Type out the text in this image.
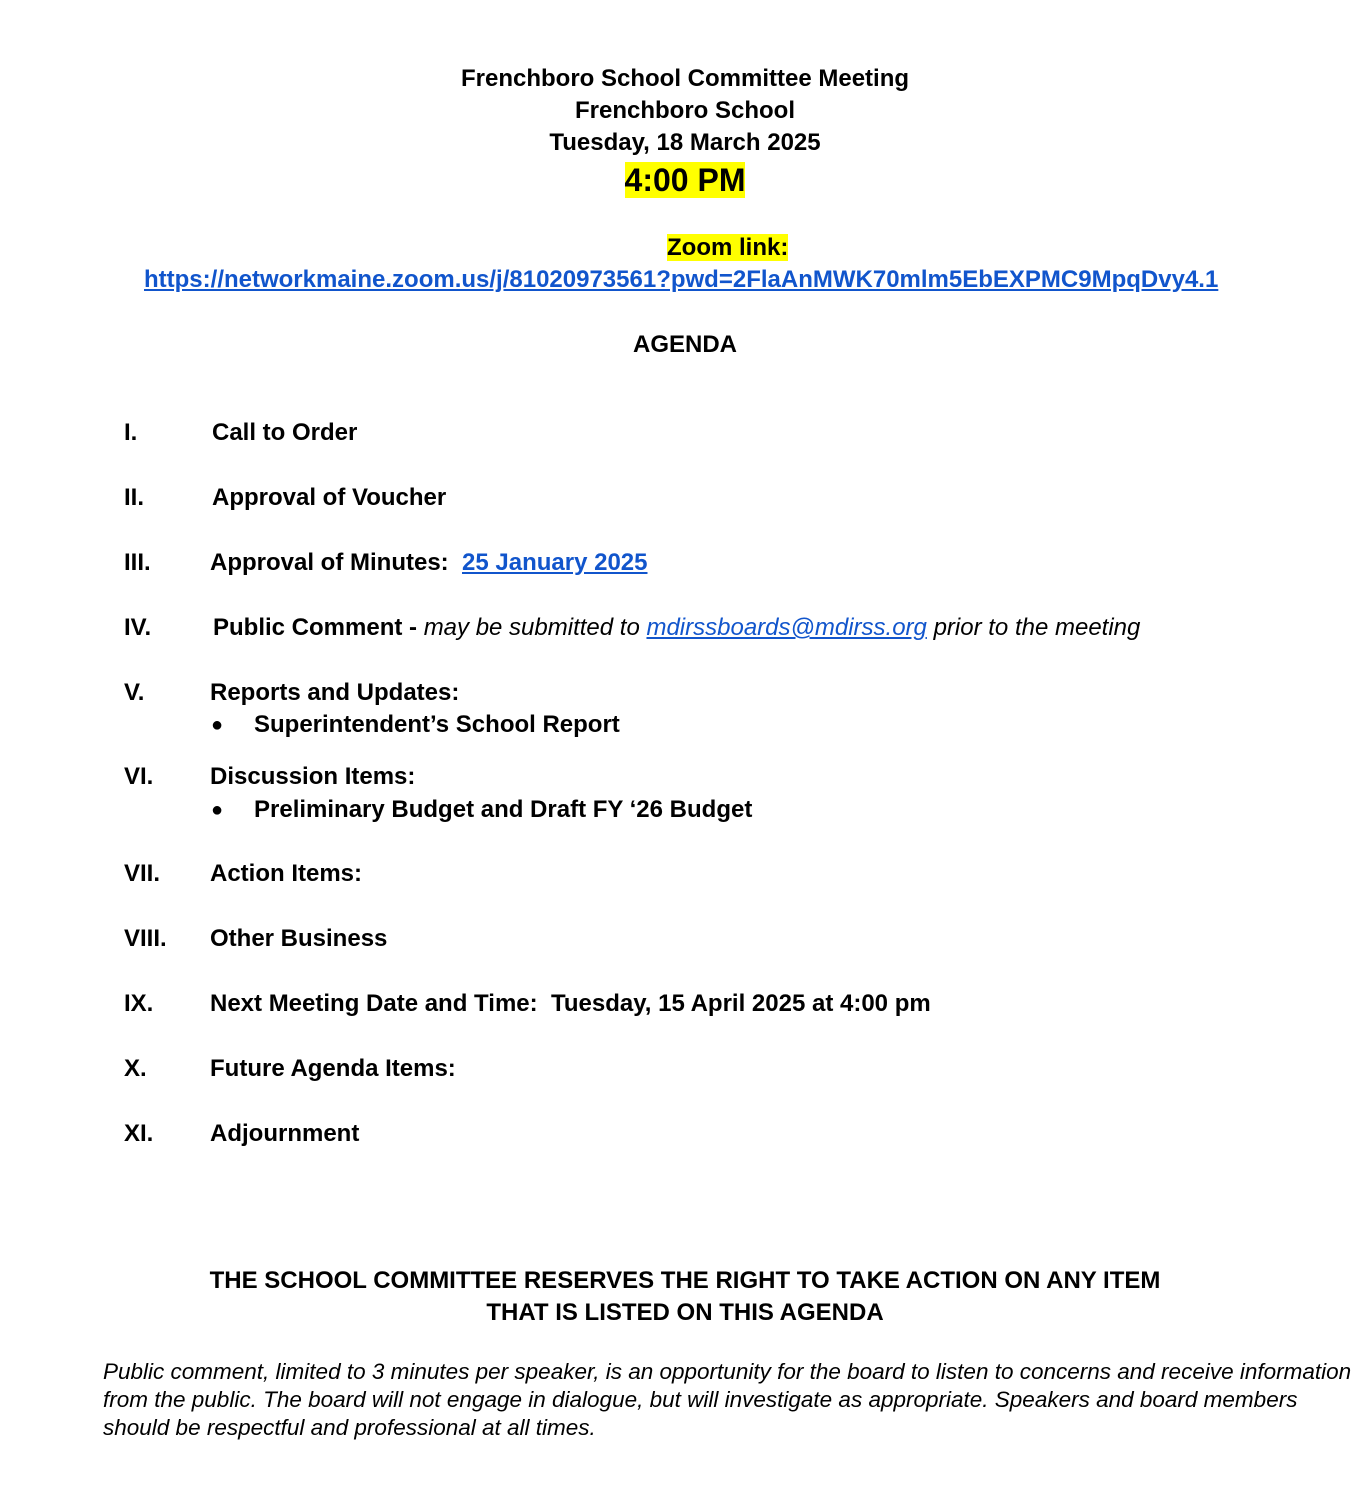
Frenchboro School Committee Meeting
Frenchboro School
Tuesday, 18 March 2025
4:00 PM
Zoom link:
https://networkmaine.zoom.us/j/81020973561?pwd=2FlaAnMWK70mlm5EbEXPMC9MpqDvy4.1
AGENDA
I.	Call to Order
II.	Approval of Voucher
III. Approval of Minutes: 25 January 2025
IV.	Public Comment - may be submitted to mdirssboards@mdirss.org prior to the meeting
V.	Reports and Updates:
● Superintendent’s School Report
VI. Discussion Items:
● Preliminary Budget and Draft FY ‘26 Budget
VII. Action Items:
VIII. Other Business
IX. Next Meeting Date and Time: Tuesday, 15 April 2025 at 4:00 pm
X.	Future Agenda Items:
XI. Adjournment
THE SCHOOL COMMITTEE RESERVES THE RIGHT TO TAKE ACTION ON ANY ITEM
THAT IS LISTED ON THIS AGENDA
Public comment, limited to 3 minutes per speaker, is an opportunity for the board to listen to concerns and receive information from the public. The board will not engage in dialogue, but will investigate as appropriate. Speakers and board members should be respectful and professional at all times.
